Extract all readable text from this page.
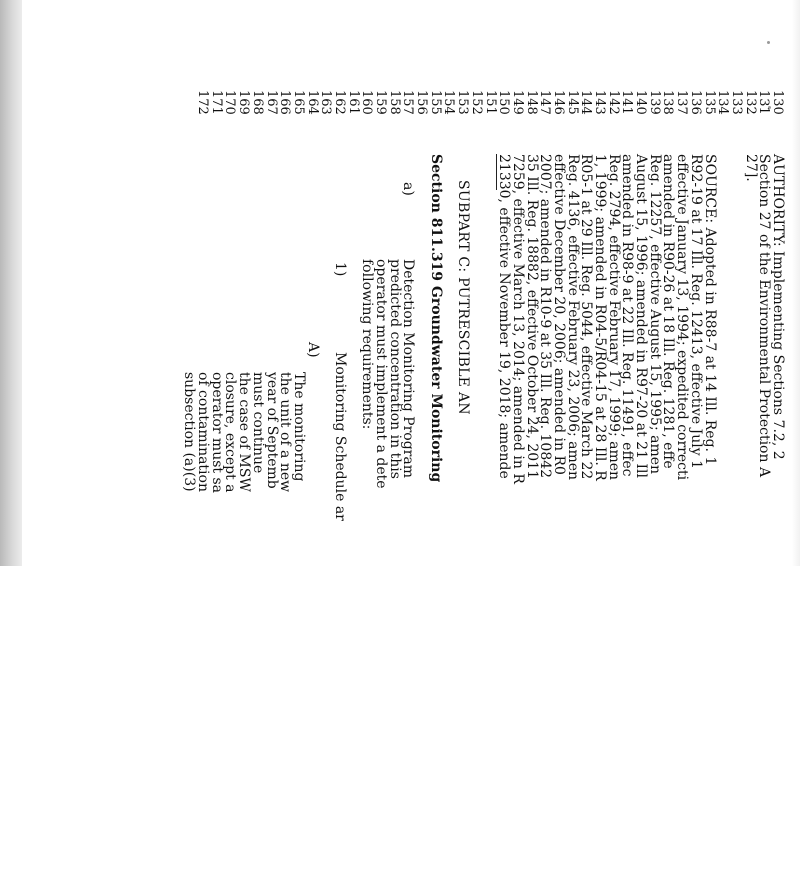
130
131
132
133
134
135
136
137
138
139
140
141
142
143
144
145
146
147
148
149
150
151
152
153
154
155
156
157
158
159
160
161
162
163
164
165
166
167
168
169
170
171
172
AUTHORITY: Implementing Sections 7.2, 2
Section 27 of the Environmental Protection A
27].
SOURCE: Adopted in R88-7 at 14 Ill. Reg. 1
R92-19 at 17 Ill. Reg. 12413, effective July 1
effective January 13, 1994; expedited correcti
amended in R90-26 at 18 Ill. Reg. 1281, effe
Reg. 12257, effective August 15, 1995; amen
August 15, 1996; amended in R97-20 at 21 Ill
amended in R98-9 at 22 Ill. Reg. 11491, effec
Reg. 2794, effective February 17, 1999; amen
1, 1999; amended in R04-5/R04-15 at 28 Ill. R
R05-1 at 29 Ill. Reg. 5044, effective March 22
Reg. 4136, effective February 23, 2006; amen
effective December 20, 2006; amended in R0
2007; amended in R10-9 at 35 Ill. Reg. 10842
35 Ill. Reg. 18882, effective October 24, 2011
7259, effective March 13, 2014; amended in R
21330, effective November 19, 2018; amende
SUBPART C: PUTRESCIBLE AN
Section 811.319 Groundwater Monitoring
a)Detection Monitoring Program
predicted concentration in this
operator must implement a dete
following requirements:
1)Monitoring Schedule ar
A)
The monitoring
the unit of a new
year of Septemb
must continue
the case of MSW
closure, except a
operator must sa
of contamination
subsection (a)(3)
